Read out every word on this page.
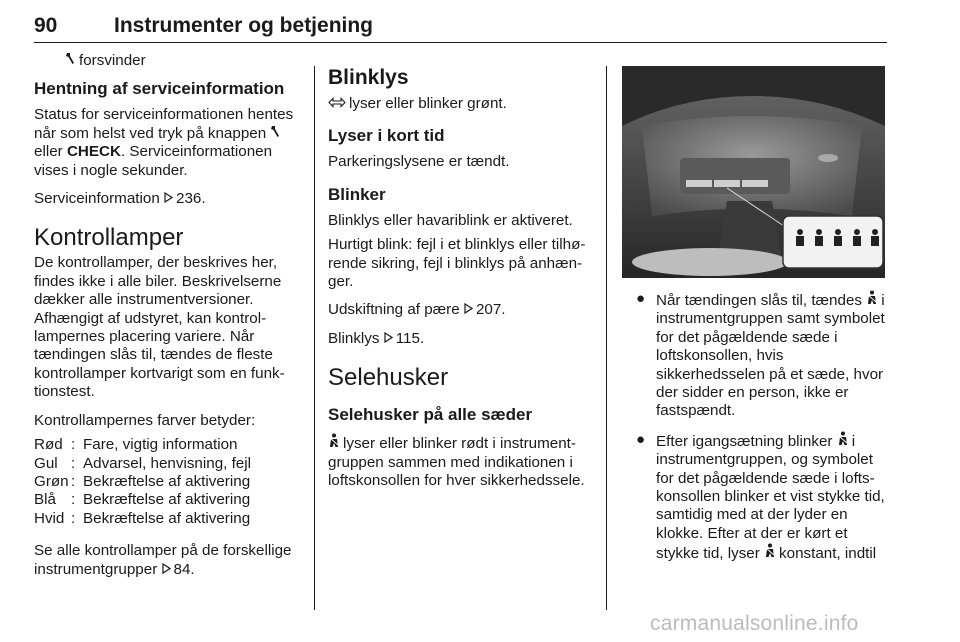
90	Instrumenter og betjening

forsvinder

Hentning af serviceinformation

Status for serviceinformationen hentes når som helst ved tryk på knappen eller CHECK. Serviceinformationen vises i nogle sekunder.

Serviceinformation 236.

Kontrollamper

De kontrollamper, der beskrives her, findes ikke i alle biler. Beskrivelserne dækker alle instrumentversioner. Afhængigt af udstyret, kan kontrollampernes placering variere. Når tændingen slås til, tændes de fleste kontrollamper kortvarigt som en funktionstest.

Kontrollampernes farver betyder:

Rød : Fare, vigtig information
Gul : Advarsel, henvisning, fejl
Grøn : Bekræftelse af aktivering
Blå : Bekræftelse af aktivering
Hvid : Bekræftelse af aktivering

Se alle kontrollamper på de forskellige instrumentgrupper 84.

Blinklys

lyser eller blinker grønt.

Lyser i kort tid

Parkeringslysene er tændt.

Blinker

Blinklys eller havariblink er aktiveret.

Hurtigt blink: fejl i et blinklys eller tilhørende sikring, fejl i blinklys på anhænger.

Udskiftning af pære 207.

Blinklys 115.

Selehusker
Selehusker på alle sæder

lyser eller blinker rødt i instrumentgruppen sammen med indikationen i loftskonsollen for hver sikkerhedssele.

● Når tændingen slås til, tændes i instrumentgruppen samt symbolet for det pågældende sæde i loftskonsollen, hvis sikkerhedsselen på et sæde, hvor der sidder en person, ikke er fastspændt.

● Efter igangsætning blinker i instrumentgruppen, og symbolet for det pågældende sæde i loftskonsollen blinker et vist stykke tid, samtidig med at der lyder en klokke. Efter at der er kørt et stykke tid, lyser konstant, indtil

carmanualsonline.info
